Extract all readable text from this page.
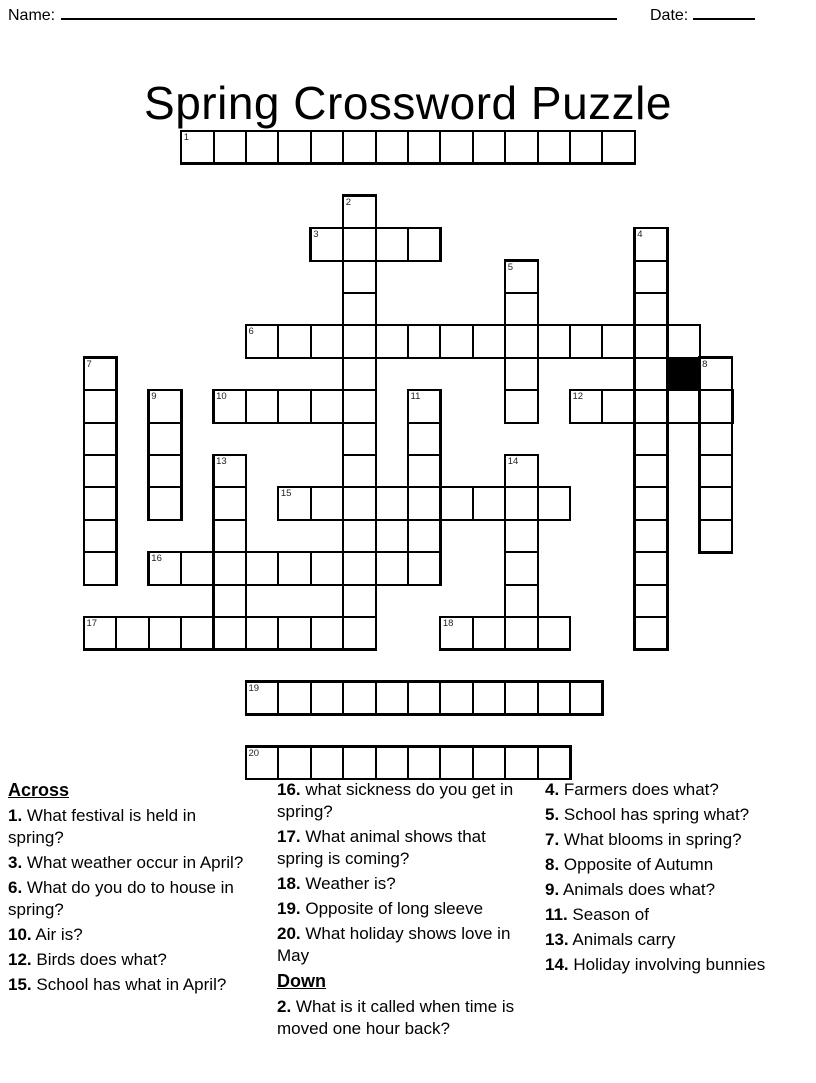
Name:	Date:
Spring Crossword Puzzle
1
2
3	4
5
6
7	8
9	10	11	12
13	14
15
16
17	18
19
20
Across

1. What festival is held in spring?

3. What weather occur in April?

6. What do you do to house in spring?

10. Air is?

12. Birds does what?

15. School has what in April?

16. what sickness do you get in spring?

17. What animal shows that spring is coming?

18. Weather is?

19. Opposite of long sleeve

20. What holiday shows love in May

Down

2. What is it called when time is moved one hour back?

4. Farmers does what?

5. School has spring what?

7. What blooms in spring?

8. Opposite of Autumn

9. Animals does what?

11. Season of

13. Animals carry

14. Holiday involving bunnies
